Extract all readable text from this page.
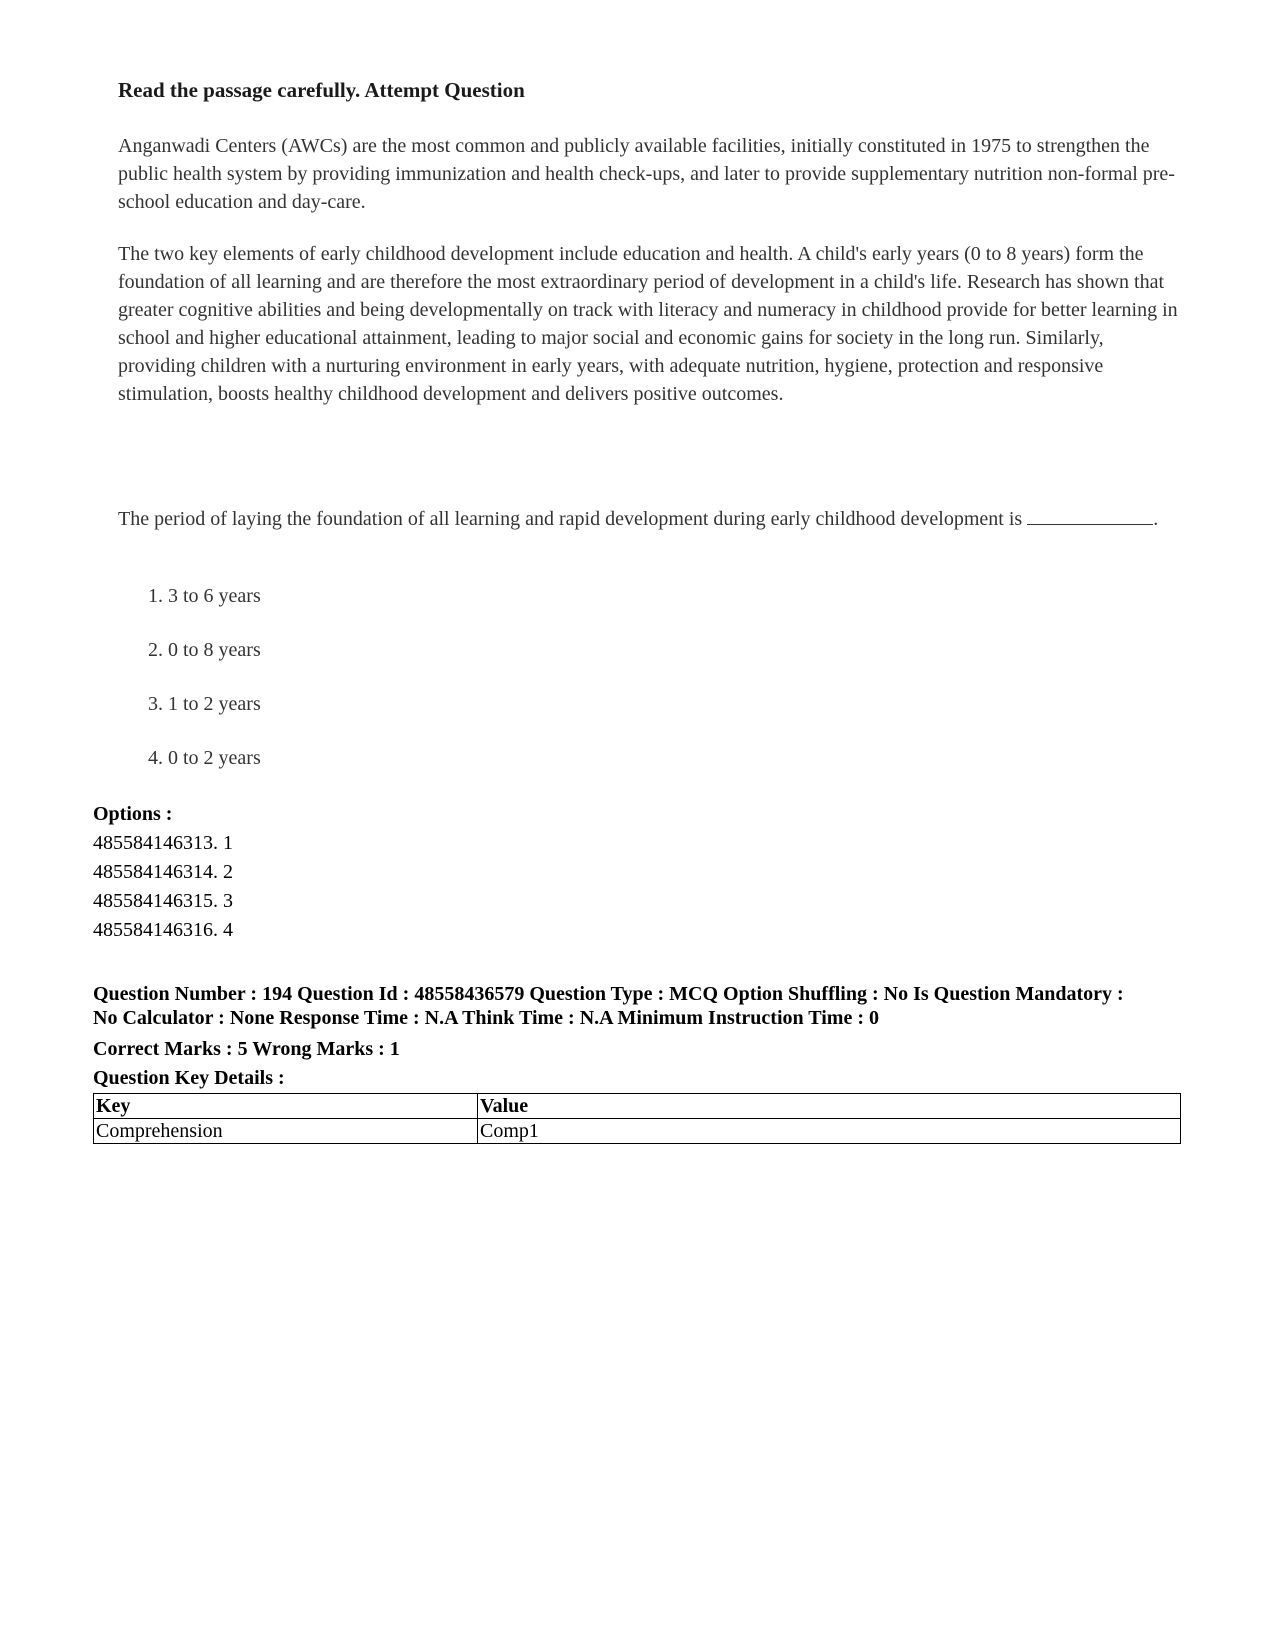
Read the passage carefully. Attempt Question

Anganwadi Centers (AWCs) are the most common and publicly available facilities, initially constituted in 1975 to strengthen the public health system by providing immunization and health check-ups, and later to provide supplementary nutrition non-formal pre-school education and day-care.

The two key elements of early childhood development include education and health. A child's early years (0 to 8 years) form the foundation of all learning and are therefore the most extraordinary period of development in a child's life. Research has shown that greater cognitive abilities and being developmentally on track with literacy and numeracy in childhood provide for better learning in school and higher educational attainment, leading to major social and economic gains for society in the long run. Similarly, providing children with a nurturing environment in early years, with adequate nutrition, hygiene, protection and responsive stimulation, boosts healthy childhood development and delivers positive outcomes.

The period of laying the foundation of all learning and rapid development during early childhood development is	.

1. 3 to 6 years
2. 0 to 8 years
3. 1 to 2 years
4. 0 to 2 years
Options :
485584146313. 1
485584146314. 2
485584146315. 3
485584146316. 4
Question Number : 194 Question Id : 48558436579 Question Type : MCQ Option Shuffling : No Is Question Mandatory :
No Calculator : None Response Time : N.A Think Time : N.A Minimum Instruction Time : 0
Correct Marks : 5 Wrong Marks : 1
Question Key Details :
Key	Value
Comprehension	Comp1
